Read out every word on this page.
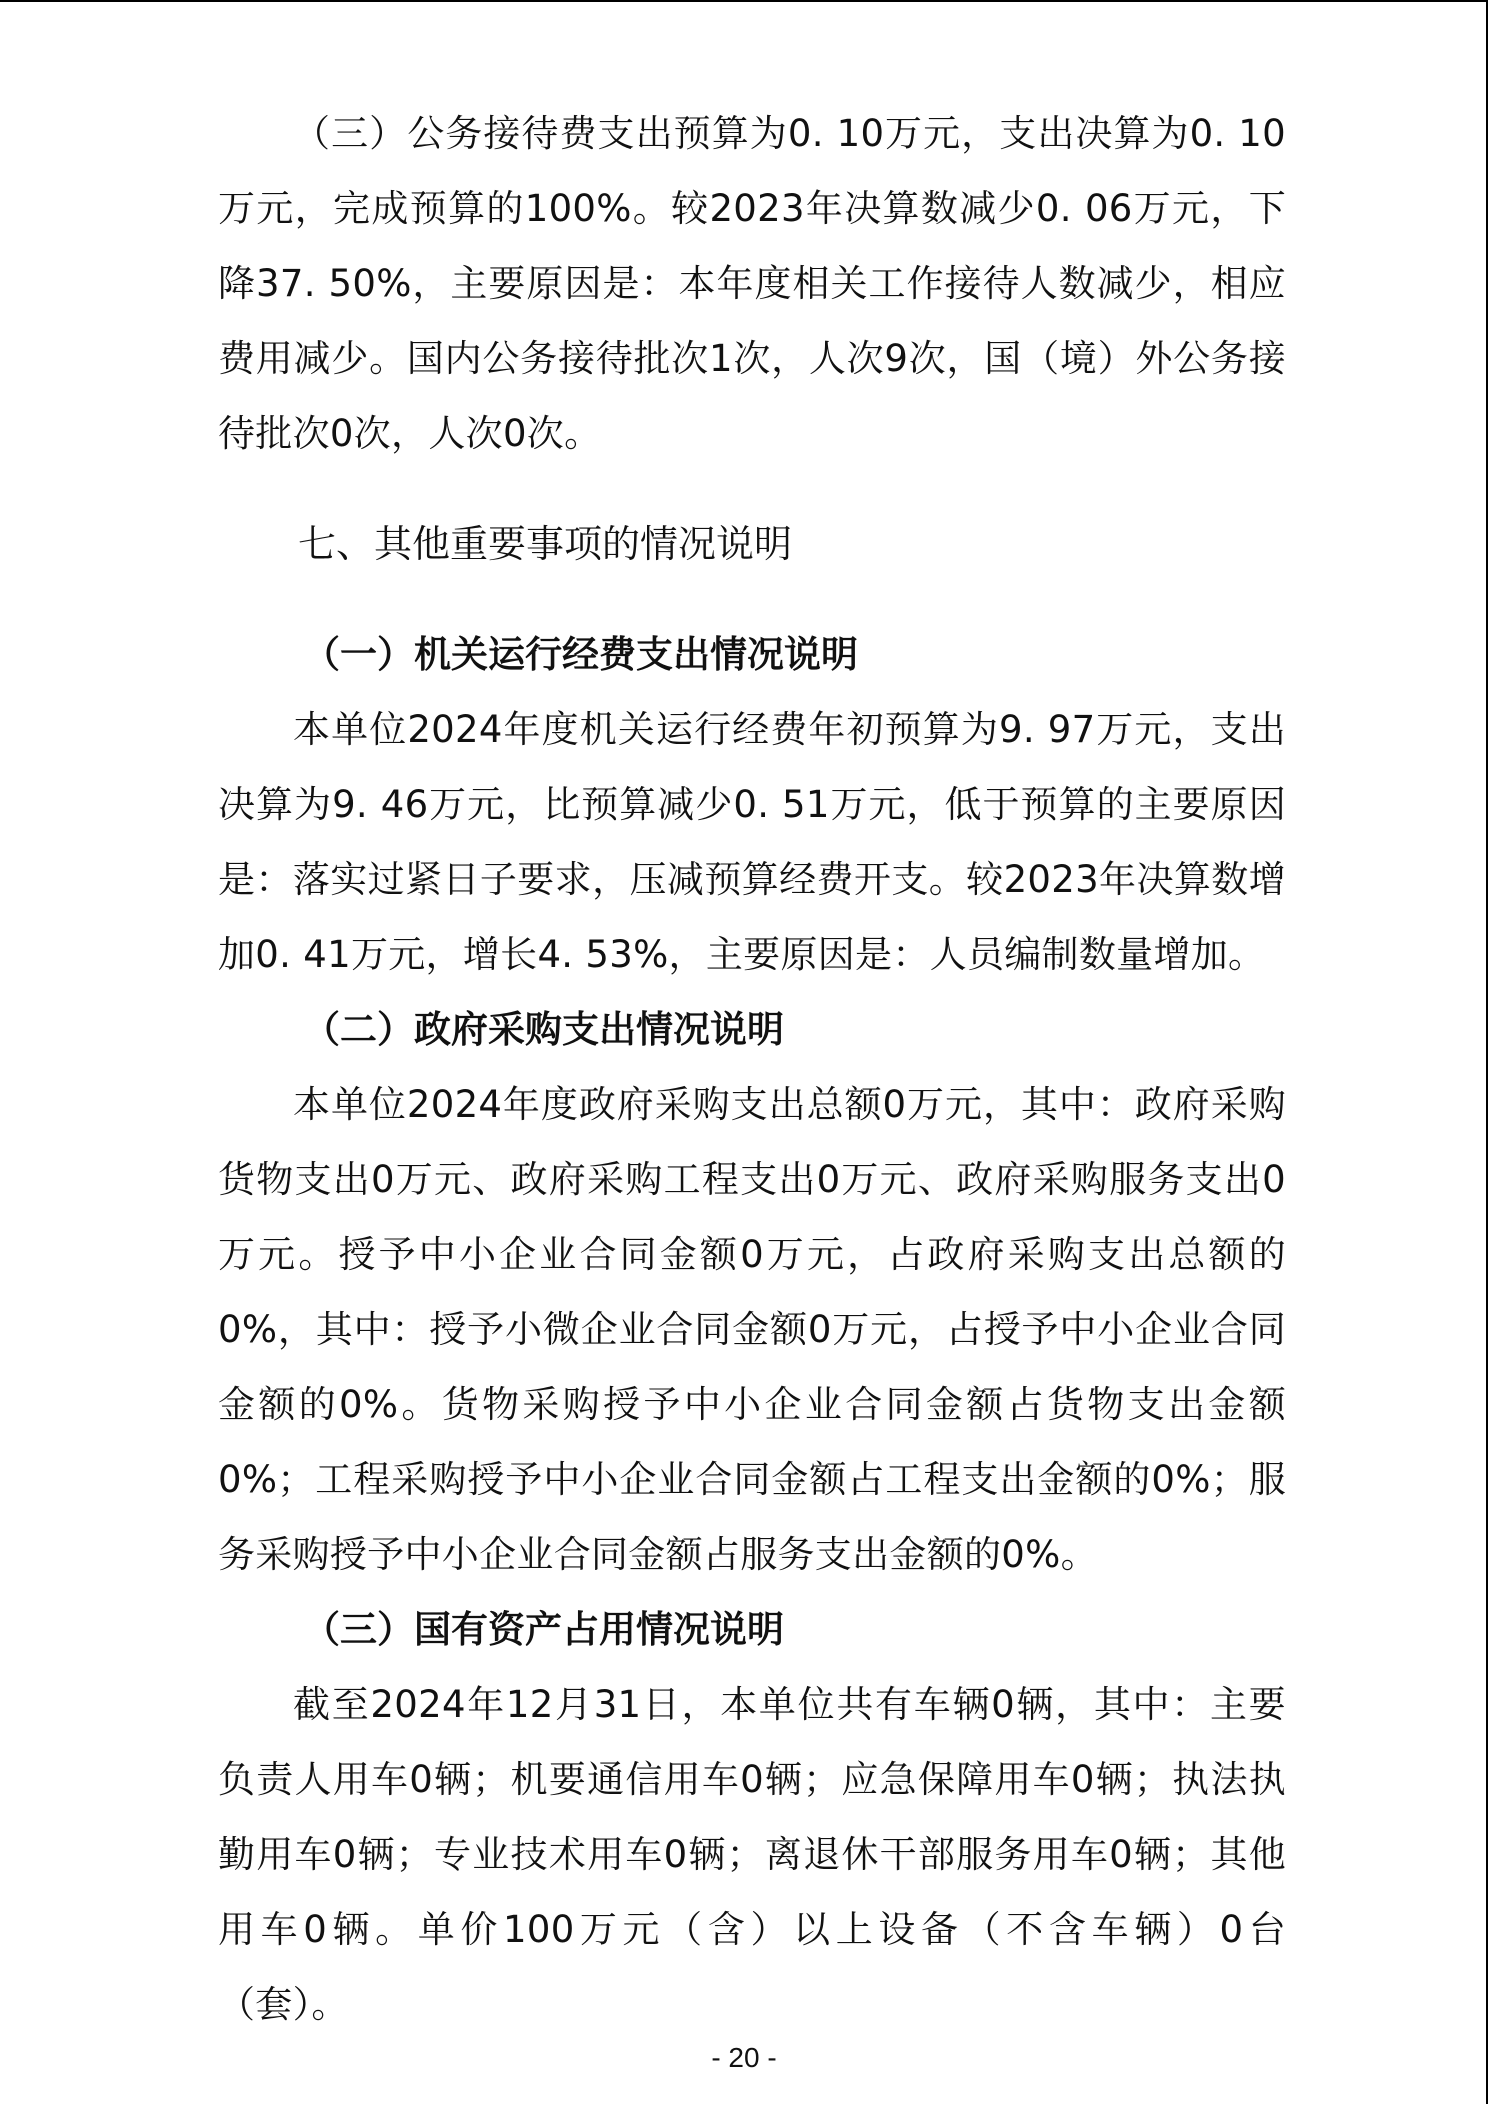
（三）公务接待费支出预算为0. 10万元，支出决算为0. 10万元，完成预算的100%。较2023年决算数减少0. 06万元，下降37. 50%，主要原因是：本年度相关工作接待人数减少，相应费用减少。国内公务接待批次1次，人次9次，国（境）外公务接待批次0次，人次0次。

七、其他重要事项的情况说明
（一）机关运行经费支出情况说明

本单位2024年度机关运行经费年初预算为9. 97万元，支出决算为9. 46万元，比预算减少0. 51万元，低于预算的主要原因是：落实过紧日子要求，压减预算经费开支。较2023年决算数增加0. 41万元，增长4. 53%，主要原因是：人员编制数量增加。

（二）政府采购支出情况说明

本单位2024年度政府采购支出总额0万元，其中：政府采购货物支出0万元、政府采购工程支出0万元、政府采购服务支出0万元。授予中小企业合同金额0万元，占政府采购支出总额的0%，其中：授予小微企业合同金额0万元，占授予中小企业合同金额的0%。货物采购授予中小企业合同金额占货物支出金额0%；工程采购授予中小企业合同金额占工程支出金额的0%；服务采购授予中小企业合同金额占服务支出金额的0%。

（三）国有资产占用情况说明

截至2024年12月31日，本单位共有车辆0辆，其中：主要负责人用车0辆；机要通信用车0辆；应急保障用车0辆；执法执勤用车0辆；专业技术用车0辆；离退休干部服务用车0辆；其他用车0辆。单价100万元（含）以上设备（不含车辆）0台（套）。

- 20 -
